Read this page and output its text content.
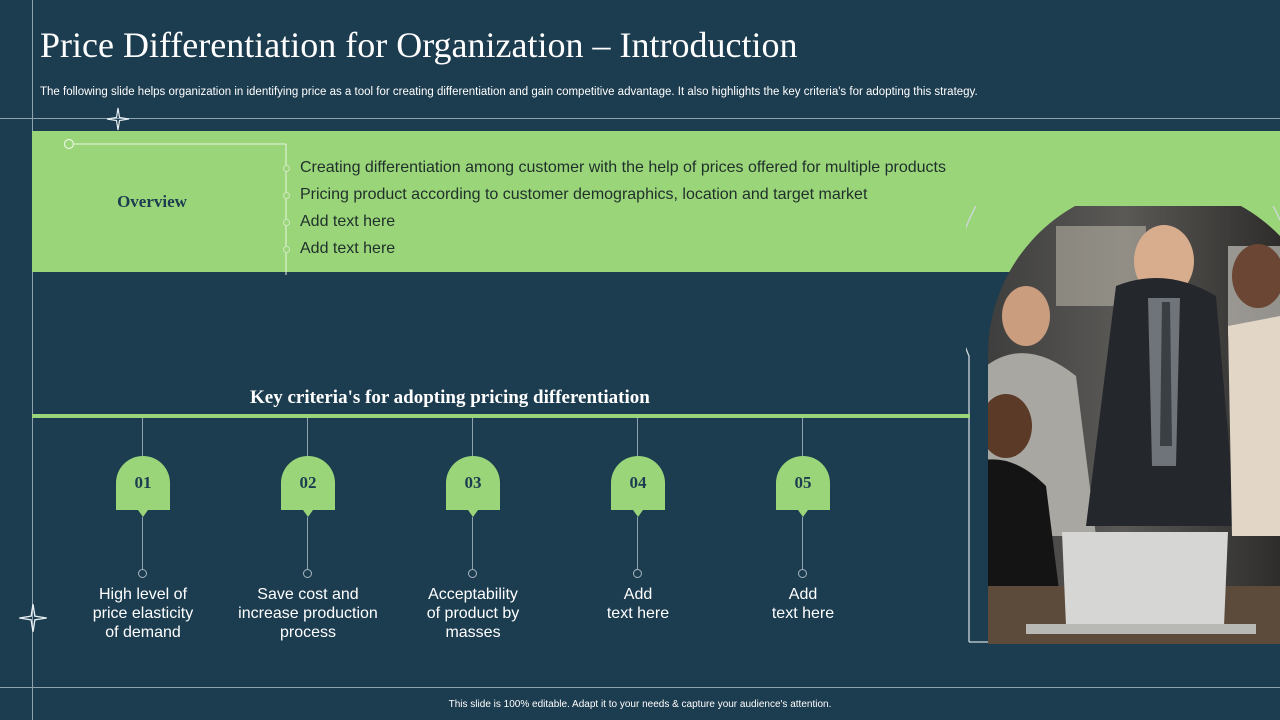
Price Differentiation for Organization – Introduction
The following slide helps organization in identifying price as a tool for creating differentiation and gain competitive advantage. It also highlights the key criteria's for adopting this strategy.
Overview
Creating differentiation among customer with the help of prices offered for multiple products
Pricing product according to customer demographics, location and target market
Add text here
Add text here
Key criteria's for adopting pricing differentiation
01
High level of
price elasticity
of demand
02
Save cost and
increase production
process
03
Acceptability
of product by
masses
04
Add
text here
05
Add
text here
This slide is 100% editable. Adapt it to your needs & capture your audience's attention.
